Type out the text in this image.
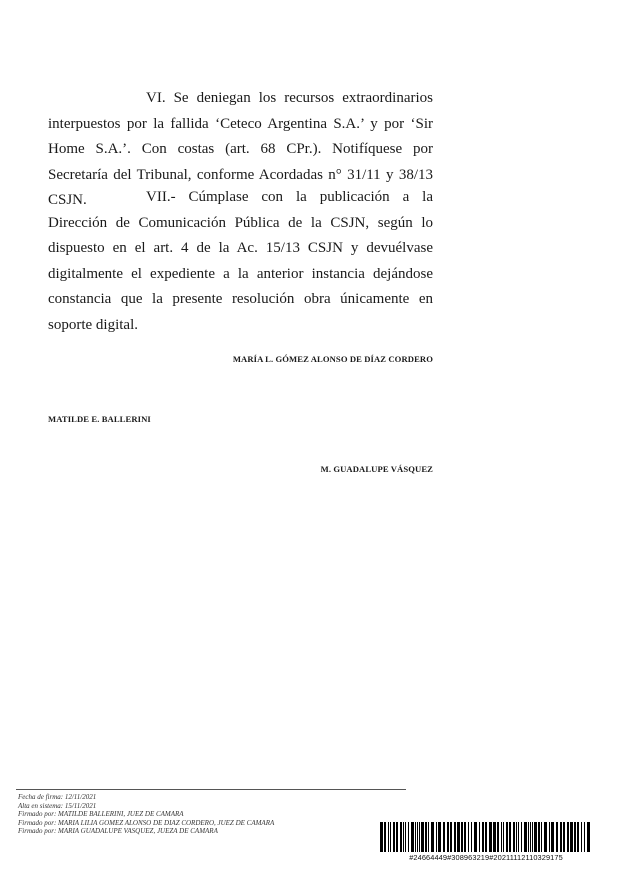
VI. Se deniegan los recursos extraordinarios interpuestos por la fallida ‘Ceteco Argentina S.A.’ y por ‘Sir Home S.A.’. Con costas (art. 68 CPr.). Notifíquese por Secretaría del Tribunal, conforme Acordadas n° 31/11 y 38/13 CSJN.	VII.- Cúmplase con la publicación a la Dirección de Comunicación Pública de la CSJN, según lo dispuesto en el art. 4 de la Ac. 15/13 CSJN y devuélvase digitalmente el expediente a la anterior instancia dejándose constancia que la presente resolución obra únicamente en soporte digital.
MARÍA L. GÓMEZ ALONSO DE DÍAZ CORDERO
MATILDE E. BALLERINI
M. GUADALUPE VÁSQUEZ
Fecha de firma: 12/11/2021
Alta en sistema: 15/11/2021
Firmado por: MATILDE BALLERINI, JUEZ DE CAMARA
Firmado por: MARIA LILIA GOMEZ ALONSO DE DIAZ CORDERO, JUEZ DE CAMARA
Firmado por: MARIA GUADALUPE VASQUEZ, JUEZA DE CAMARA
#24664449#308963219#20211112110329175
